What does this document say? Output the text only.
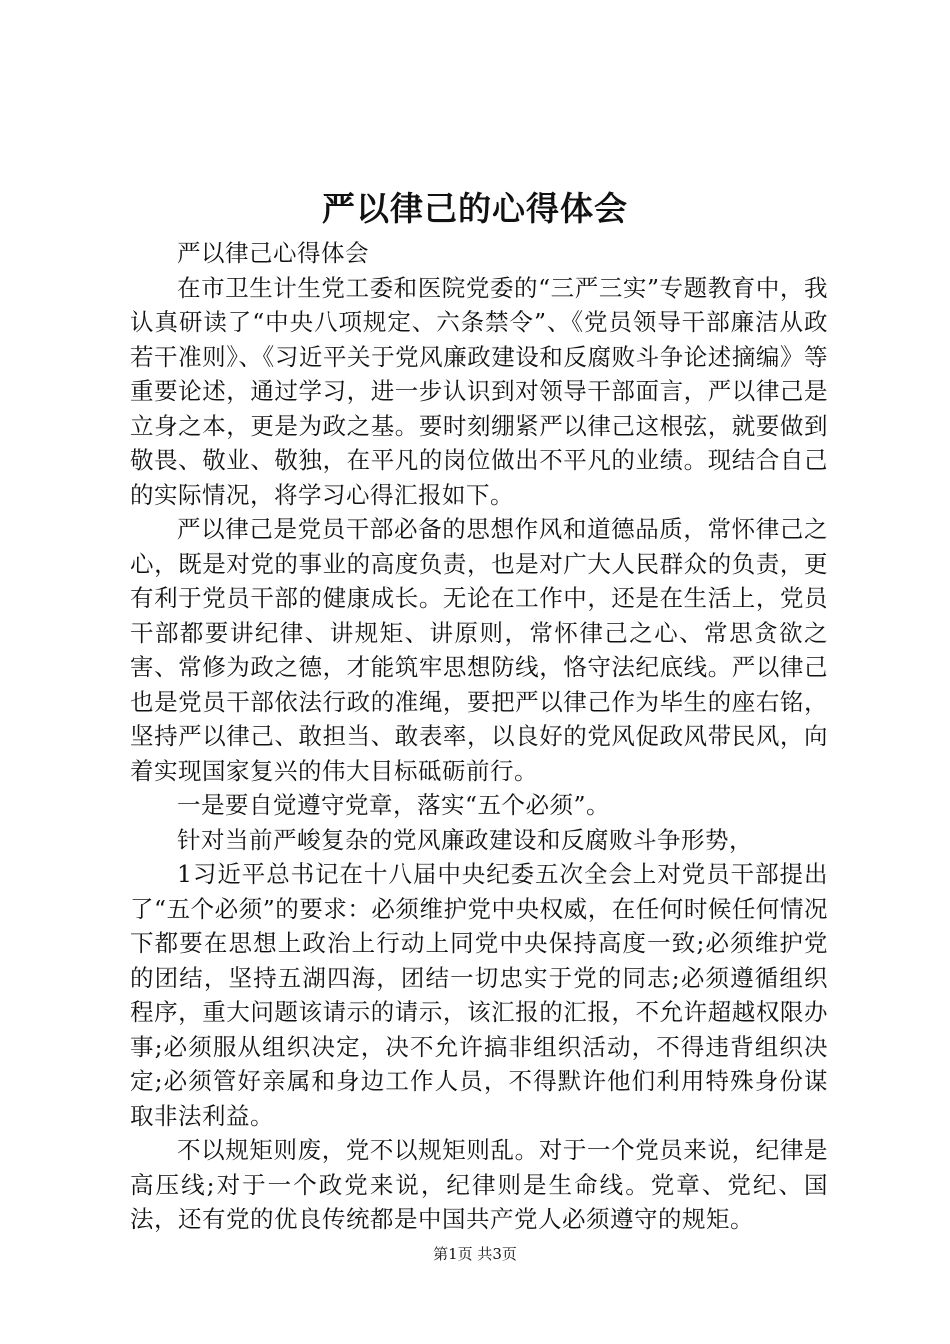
严以律己的心得体会

严以律己心得体会

在市卫生计生党工委和医院党委的“三严三实”专题教育中，我认真研读了“中央八项规定、六条禁令”、《党员领导干部廉洁从政若干准则》、《习近平关于党风廉政建设和反腐败斗争论述摘编》等重要论述，通过学习，进一步认识到对领导干部面言，严以律己是立身之本，更是为政之基。要时刻绷紧严以律己这根弦，就要做到敬畏、敬业、敬独，在平凡的岗位做出不平凡的业绩。现结合自己的实际情况，将学习心得汇报如下。

严以律己是党员干部必备的思想作风和道德品质，常怀律己之心，既是对党的事业的高度负责，也是对广大人民群众的负责，更有利于党员干部的健康成长。无论在工作中，还是在生活上，党员干部都要讲纪律、讲规矩、讲原则，常怀律己之心、常思贪欲之害、常修为政之德，才能筑牢思想防线，恪守法纪底线。严以律己也是党员干部依法行政的准绳，要把严以律己作为毕生的座右铭，坚持严以律己、敢担当、敢表率，以良好的党风促政风带民风，向着实现国家复兴的伟大目标砥砺前行。

一是要自觉遵守党章，落实“五个必须”。

针对当前严峻复杂的党风廉政建设和反腐败斗争形势，

1习近平总书记在十八届中央纪委五次全会上对党员干部提出了“五个必须”的要求：必须维护党中央权威，在任何时候任何情况下都要在思想上政治上行动上同党中央保持高度一致;必须维护党的团结，坚持五湖四海，团结一切忠实于党的同志;必须遵循组织程序，重大问题该请示的请示，该汇报的汇报，不允许超越权限办事;必须服从组织决定，决不允许搞非组织活动，不得违背组织决定;必须管好亲属和身边工作人员，不得默许他们利用特殊身份谋取非法利益。

不以规矩则废，党不以规矩则乱。对于一个党员来说，纪律是高压线;对于一个政党来说，纪律则是生命线。党章、党纪、国法，还有党的优良传统都是中国共产党人必须遵守的规矩。

第1页 共3页
